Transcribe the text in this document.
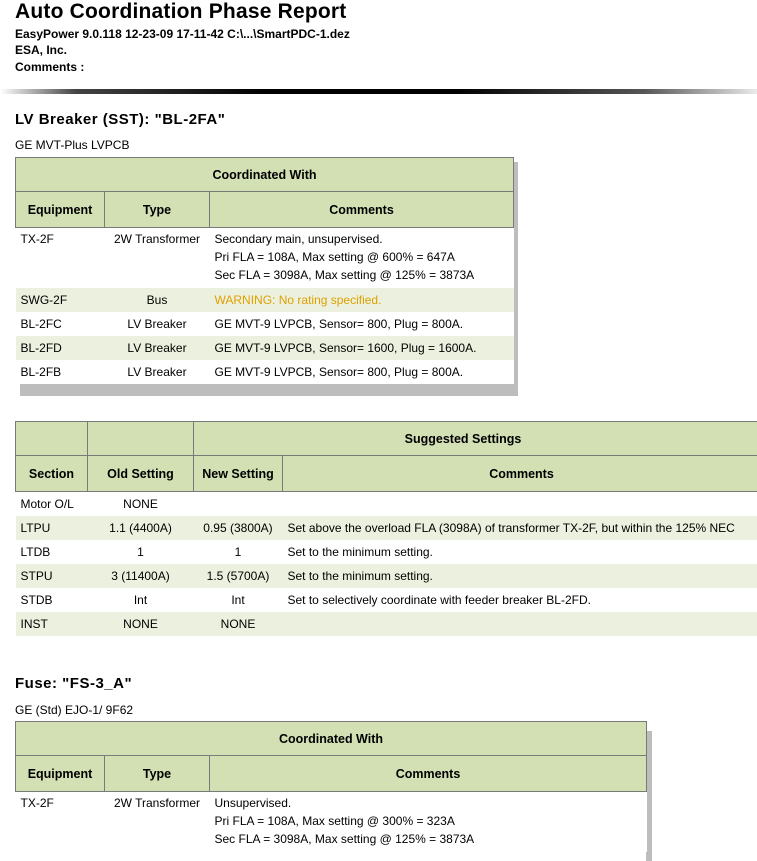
Auto Coordination Phase Report
EasyPower 9.0.118 12-23-09 17-11-42 C:\...\SmartPDC-1.dez
ESA, Inc.
Comments :
LV Breaker (SST): "BL-2FA"
GE MVT-Plus LVPCB
Coordinated With		
Equipment	Type	Comments
TX-2F	2W Transformer	Secondary main, unsupervised.
Pri FLA = 108A, Max setting @ 600% = 647A
Sec FLA = 3098A, Max setting @ 125% = 3873A

SWG-2F	Bus	WARNING: No rating specified.
BL-2FC	LV Breaker	GE MVT-9 LVPCB, Sensor= 800, Plug = 800A.
BL-2FD	LV Breaker	GE MVT-9 LVPCB, Sensor= 1600, Plug = 1600A.
BL-2FB	LV Breaker	GE MVT-9 LVPCB, Sensor= 800, Plug = 800A.
		Suggested Settings	
Section	Old Setting	New Setting	Comments
Motor O/L	NONE		
LTPU	1.1 (4400A)	0.95 (3800A)	Set above the overload FLA (3098A) of transformer TX-2F, but within the 125% NEC
LTDB	1	1	Set to the minimum setting.
STPU	3 (11400A)	1.5 (5700A)	Set to the minimum setting.
STDB	Int	Int	Set to selectively coordinate with feeder breaker BL-2FD.
INST	NONE	NONE	
Fuse: "FS-3_A"
GE (Std) EJO-1/ 9F62
Coordinated With		
Equipment	Type	Comments
TX-2F	2W Transformer	Unsupervised.
Pri FLA = 108A, Max setting @ 300% = 323A
Sec FLA = 3098A, Max setting @ 125% = 3873A
